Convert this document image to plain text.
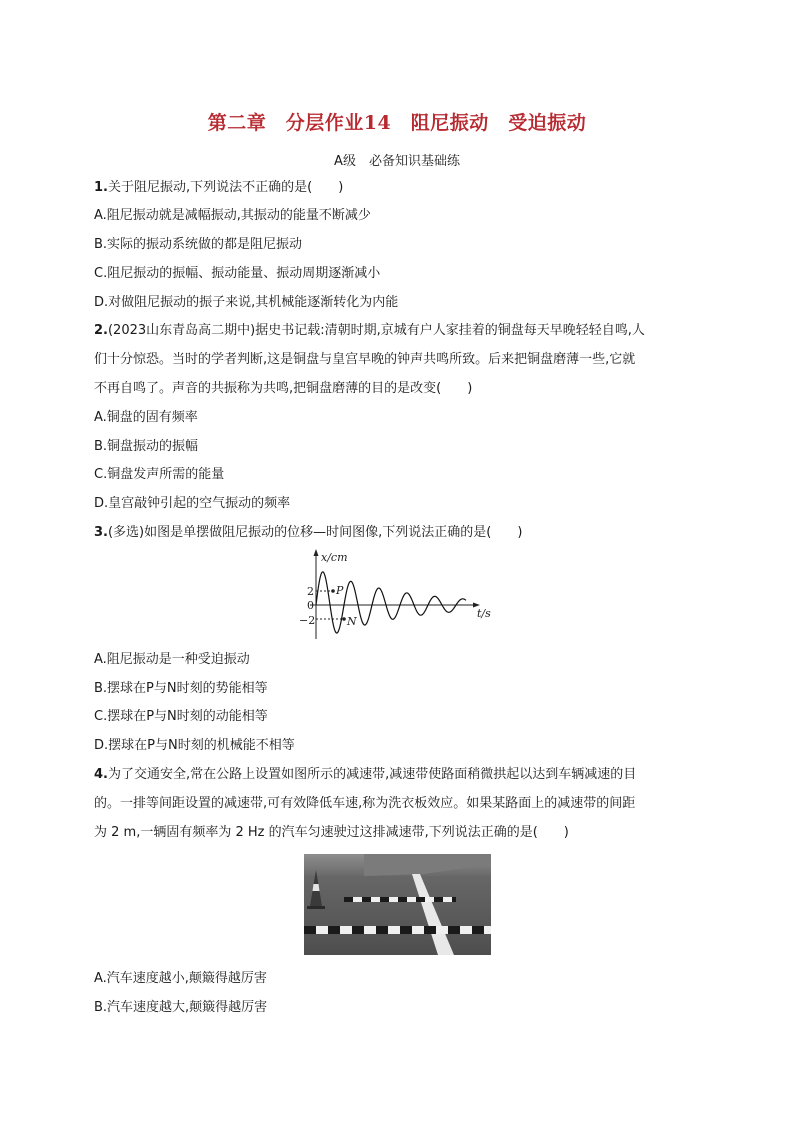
第二章　分层作业14　阻尼振动　受迫振动
A级　必备知识基础练
1.关于阻尼振动,下列说法不正确的是(　　)
A.阻尼振动就是减幅振动,其振动的能量不断减少
B.实际的振动系统做的都是阻尼振动
C.阻尼振动的振幅、振动能量、振动周期逐渐减小
D.对做阻尼振动的振子来说,其机械能逐渐转化为内能
2.(2023山东青岛高二期中)据史书记载:清朝时期,京城有户人家挂着的铜盘每天早晚轻轻自鸣,人
们十分惊恐。当时的学者判断,这是铜盘与皇宫早晚的钟声共鸣所致。后来把铜盘磨薄一些,它就
不再自鸣了。声音的共振称为共鸣,把铜盘磨薄的目的是改变(　　)
A.铜盘的固有频率
B.铜盘振动的振幅
C.铜盘发声所需的能量
D.皇宫敲钟引起的空气振动的频率
3.(多选)如图是单摆做阻尼振动的位移—时间图像,下列说法正确的是(　　)
x/cm
t/s
2
0
−2
P
N
A.阻尼振动是一种受迫振动
B.摆球在P与N时刻的势能相等
C.摆球在P与N时刻的动能相等
D.摆球在P与N时刻的机械能不相等
4.为了交通安全,常在公路上设置如图所示的减速带,减速带使路面稍微拱起以达到车辆减速的目
的。一排等间距设置的减速带,可有效降低车速,称为洗衣板效应。如果某路面上的减速带的间距
为 2 m,一辆固有频率为 2 Hz 的汽车匀速驶过这排减速带,下列说法正确的是(　　)
A.汽车速度越小,颠簸得越厉害
B.汽车速度越大,颠簸得越厉害
